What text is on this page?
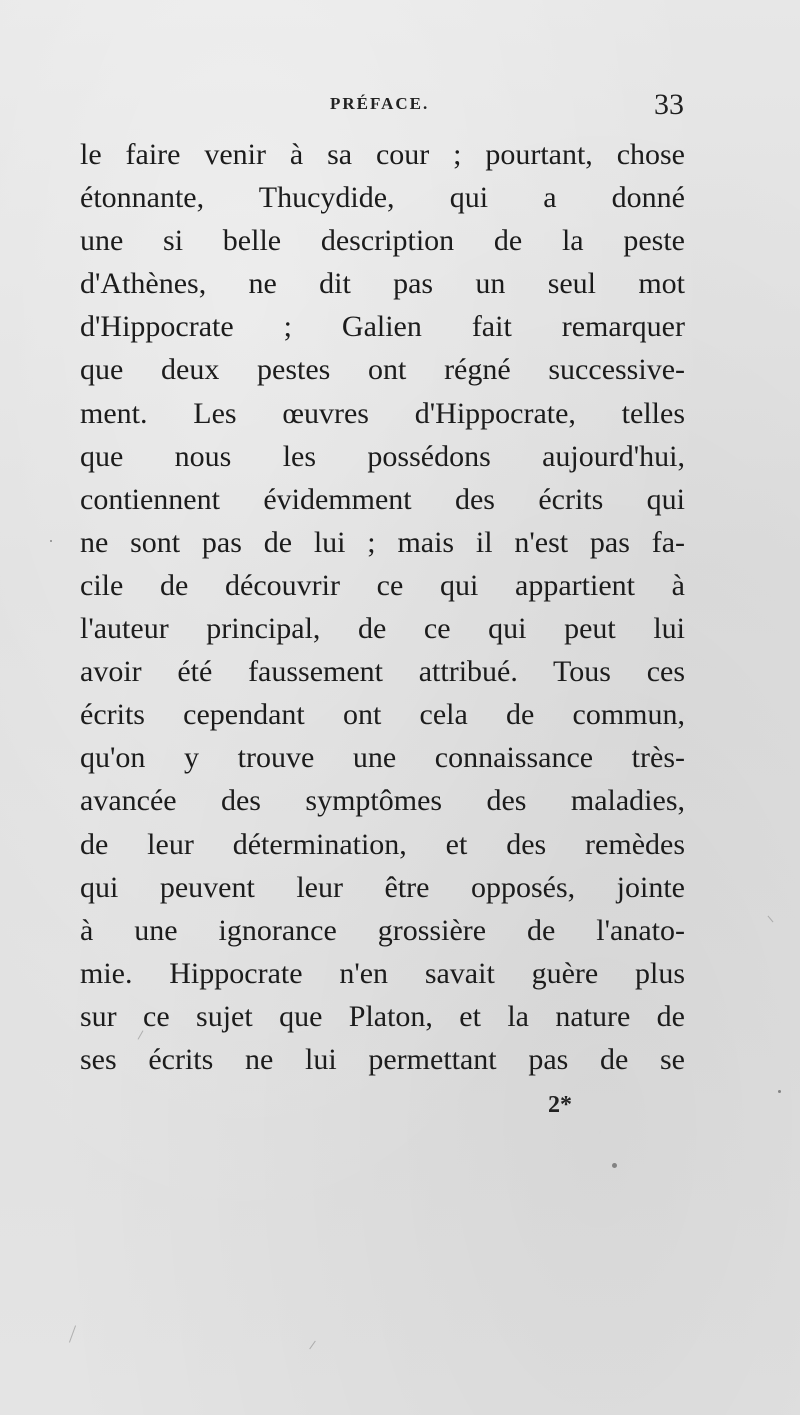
PRÉFACE.	33
le faire venir à sa cour ; pourtant, chose
étonnante, Thucydide, qui a donné
une si belle description de la peste
d'Athènes, ne dit pas un seul mot
d'Hippocrate ; Galien fait remarquer
que deux pestes ont régné successive-
ment. Les œuvres d'Hippocrate, telles
que nous les possédons aujourd'hui,
contiennent évidemment des écrits qui
ne sont pas de lui ; mais il n'est pas fa-
cile de découvrir ce qui appartient à
l'auteur principal, de ce qui peut lui
avoir été faussement attribué. Tous ces
écrits cependant ont cela de commun,
qu'on y trouve une connaissance très-
avancée des symptômes des maladies,
de leur détermination, et des remèdes
qui peuvent leur être opposés, jointe
à une ignorance grossière de l'anato-
mie. Hippocrate n'en savait guère plus
sur ce sujet que Platon, et la nature de
ses écrits ne lui permettant pas de se
2*
